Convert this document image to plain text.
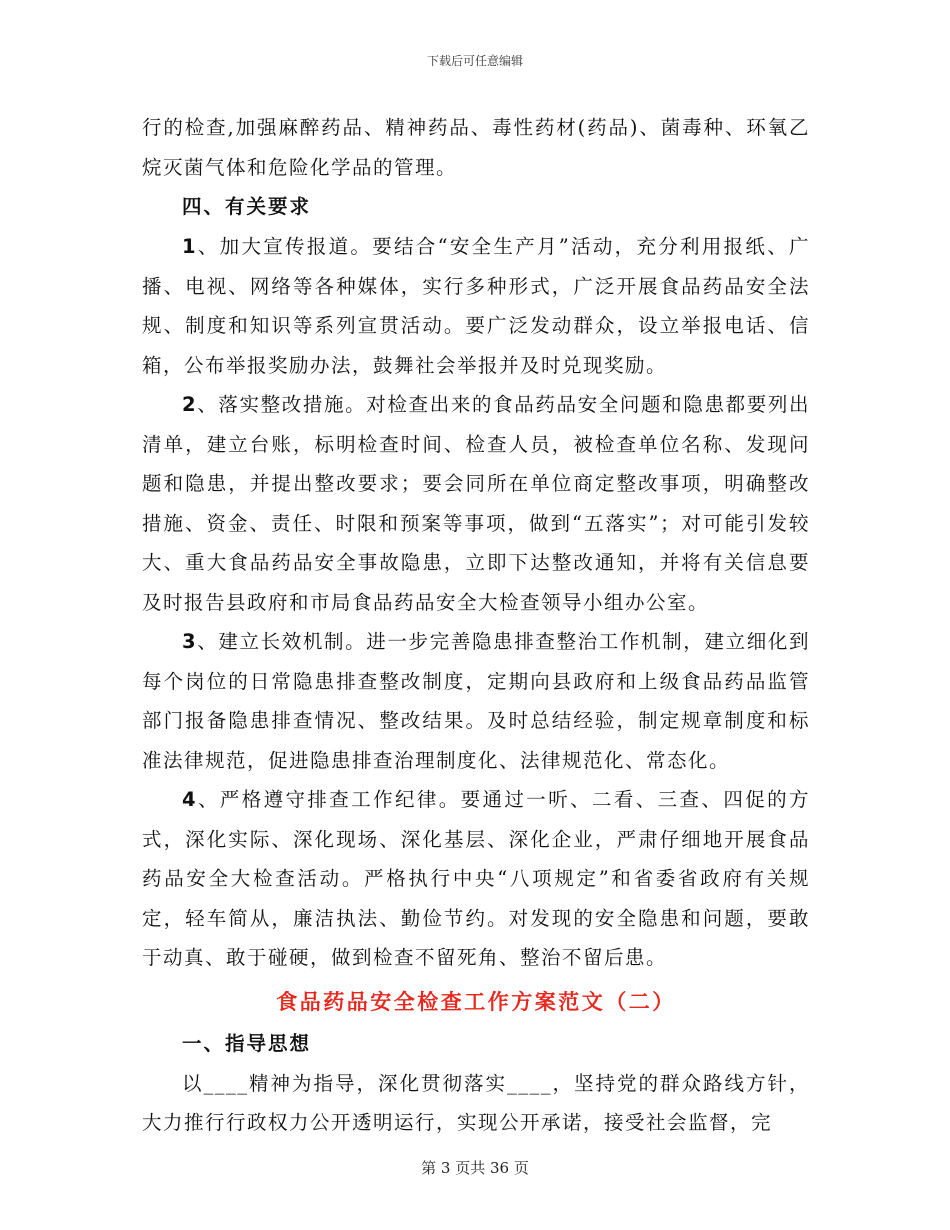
下载后可任意编辑

行的检查,加强麻醉药品、精神药品、毒性药材(药品)、菌毒种、环氧乙烷灭菌气体和危险化学品的管理。

四、有关要求

1、加大宣传报道。要结合“安全生产月”活动，充分利用报纸、广播、电视、网络等各种媒体，实行多种形式，广泛开展食品药品安全法规、制度和知识等系列宣贯活动。要广泛发动群众，设立举报电话、信箱，公布举报奖励办法，鼓舞社会举报并及时兑现奖励。

2、落实整改措施。对检查出来的食品药品安全问题和隐患都要列出清单，建立台账，标明检查时间、检查人员，被检查单位名称、发现问题和隐患，并提出整改要求；要会同所在单位商定整改事项，明确整改措施、资金、责任、时限和预案等事项，做到“五落实”；对可能引发较大、重大食品药品安全事故隐患，立即下达整改通知，并将有关信息要及时报告县政府和市局食品药品安全大检查领导小组办公室。

3、建立长效机制。进一步完善隐患排查整治工作机制，建立细化到每个岗位的日常隐患排查整改制度，定期向县政府和上级食品药品监管部门报备隐患排查情况、整改结果。及时总结经验，制定规章制度和标准法律规范，促进隐患排查治理制度化、法律规范化、常态化。

4、严格遵守排查工作纪律。要通过一听、二看、三查、四促的方式，深化实际、深化现场、深化基层、深化企业，严肃仔细地开展食品药品安全大检查活动。严格执行中央“八项规定”和省委省政府有关规定，轻车简从，廉洁执法、勤俭节约。对发现的安全隐患和问题，要敢于动真、敢于碰硬，做到检查不留死角、整治不留后患。

食品药品安全检查工作方案范文（二）

一、指导思想

以____精神为指导，深化贯彻落实____，坚持党的群众路线方针，大力推行行政权力公开透明运行，实现公开承诺，接受社会监督，完

第 3 页共 36 页
